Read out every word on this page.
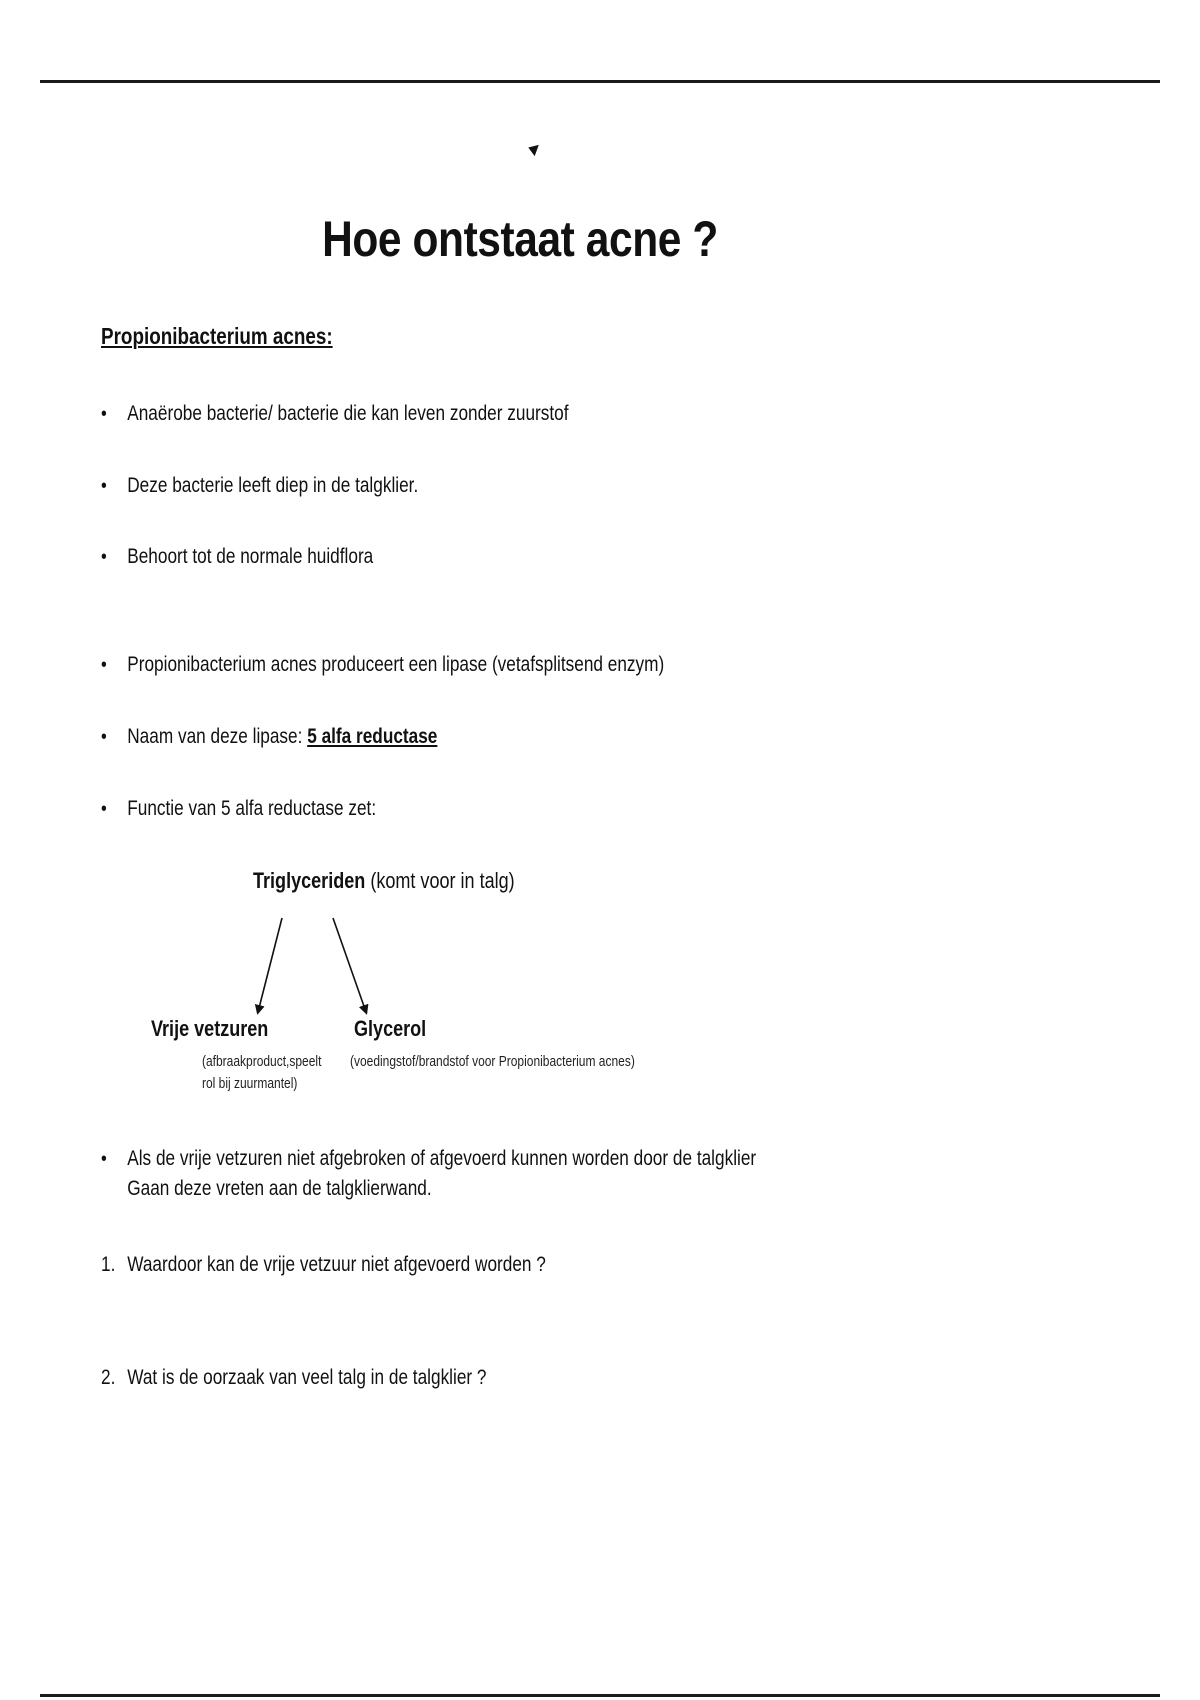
Hoe ontstaat acne ?
Propionibacterium acnes:
• Anaërobe bacterie/ bacterie die kan leven zonder zuurstof
• Deze bacterie leeft diep in de talgklier.
• Behoort tot de normale huidflora
• Propionibacterium acnes produceert een lipase (vetafsplitsend enzym)
• Naam van deze lipase: 5 alfa reductase
• Functie van 5 alfa reductase zet:
Triglyceriden (komt voor in talg)
Vrije vetzuren
(afbraakproduct,speelt
rol bij zuurmantel)
Glycerol
(voedingstof/brandstof voor Propionibacterium acnes)
• Als de vrije vetzuren niet afgebroken of afgevoerd kunnen worden door de talgklier
Gaan deze vreten aan de talgklierwand.
1. Waardoor kan de vrije vetzuur niet afgevoerd worden ?
2. Wat is de oorzaak van veel talg in de talgklier ?
